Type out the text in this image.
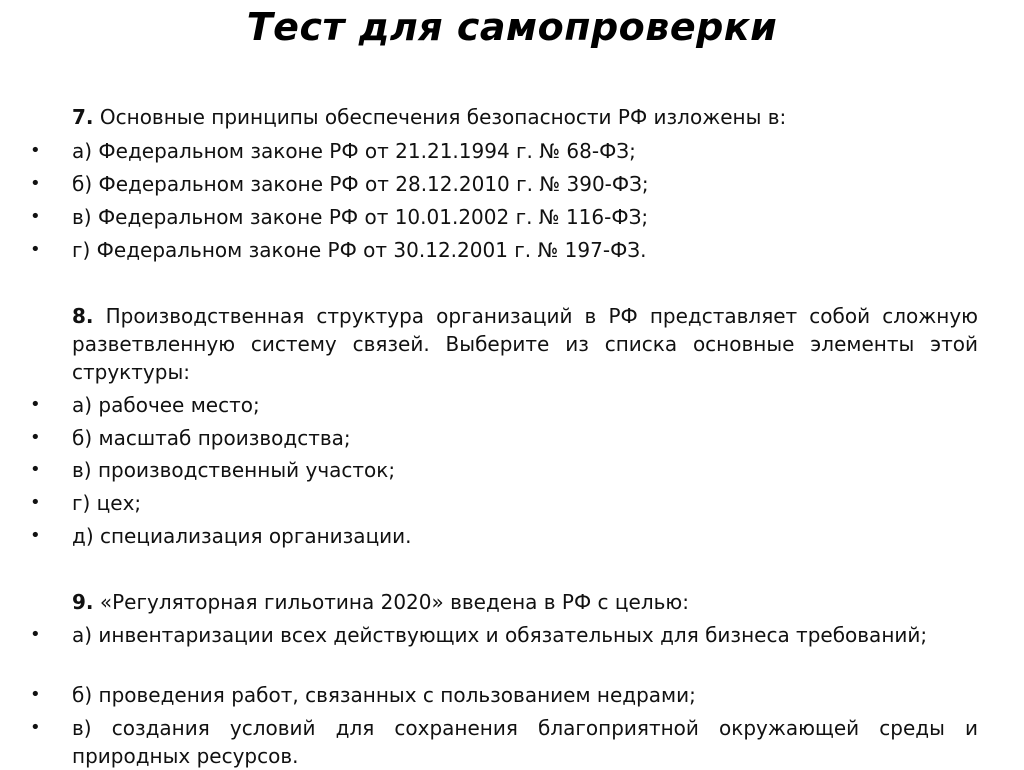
Тест для самопроверки
7. Основные принципы обеспечения безопасности РФ изложены в:
• а) Федеральном законе РФ от 21.21.1994 г. № 68-ФЗ;
• б) Федеральном законе РФ от 28.12.2010 г. № 390-ФЗ;
• в) Федеральном законе РФ от 10.01.2002 г. № 116-ФЗ;
• г) Федеральном законе РФ от 30.12.2001 г. № 197-ФЗ.
8. Производственная структура организаций в РФ представляет собой сложную разветвленную систему связей. Выберите из списка основные элементы этой структуры:
• а) рабочее место;
• б) масштаб производства;
• в) производственный участок;
• г) цех;
• д) специализация организации.
9. «Регуляторная гильотина 2020» введена в РФ с целью:
• а) инвентаризации всех действующих и обязательных для бизнеса требований;
• б) проведения работ, связанных с пользованием недрами;
• в) создания условий для сохранения благоприятной окружающей среды и природных ресурсов.
